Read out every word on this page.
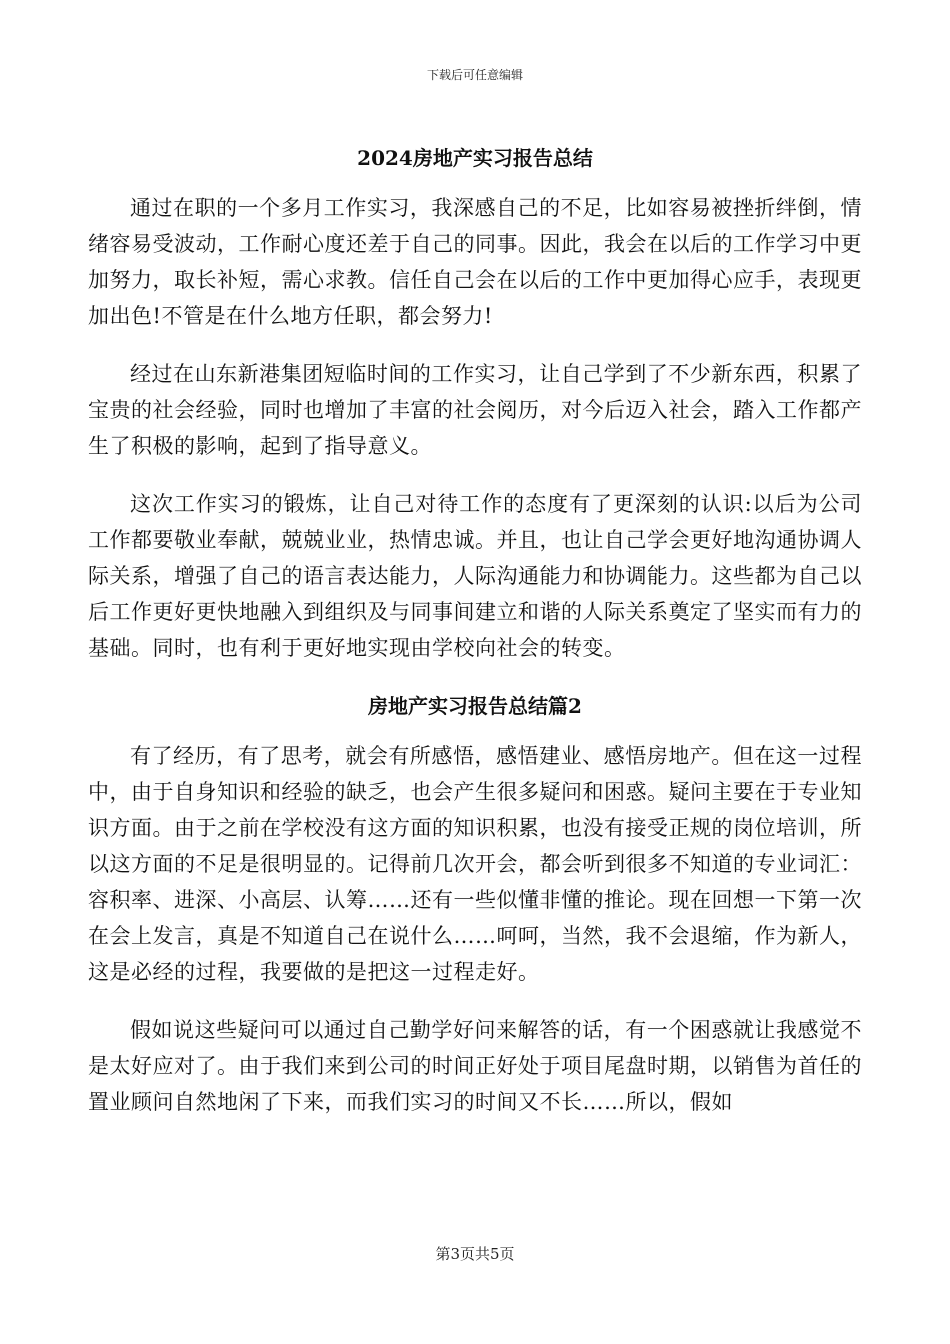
下载后可任意编辑
2024房地产实习报告总结

通过在职的一个多月工作实习，我深感自己的不足，比如容易被挫折绊倒，情绪容易受波动，工作耐心度还差于自己的同事。因此，我会在以后的工作学习中更加努力，取长补短，需心求教。信任自己会在以后的工作中更加得心应手，表现更加出色!不管是在什么地方任职，都会努力!

经过在山东新港集团短临时间的工作实习，让自己学到了不少新东西，积累了宝贵的社会经验，同时也增加了丰富的社会阅历，对今后迈入社会，踏入工作都产生了积极的影响，起到了指导意义。

这次工作实习的锻炼，让自己对待工作的态度有了更深刻的认识:以后为公司工作都要敬业奉献，兢兢业业，热情忠诚。并且，也让自己学会更好地沟通协调人际关系，增强了自己的语言表达能力，人际沟通能力和协调能力。这些都为自己以后工作更好更快地融入到组织及与同事间建立和谐的人际关系奠定了坚实而有力的基础。同时，也有利于更好地实现由学校向社会的转变。

房地产实习报告总结篇2

有了经历，有了思考，就会有所感悟，感悟建业、感悟房地产。但在这一过程中，由于自身知识和经验的缺乏，也会产生很多疑问和困惑。疑问主要在于专业知识方面。由于之前在学校没有这方面的知识积累，也没有接受正规的岗位培训，所以这方面的不足是很明显的。记得前几次开会，都会听到很多不知道的专业词汇：容积率、进深、小高层、认筹……还有一些似懂非懂的推论。现在回想一下第一次在会上发言，真是不知道自己在说什么……呵呵，当然，我不会退缩，作为新人，这是必经的过程，我要做的是把这一过程走好。

假如说这些疑问可以通过自己勤学好问来解答的话，有一个困惑就让我感觉不是太好应对了。由于我们来到公司的时间正好处于项目尾盘时期，以销售为首任的置业顾问自然地闲了下来，而我们实习的时间又不长……所以，假如

第3页共5页
